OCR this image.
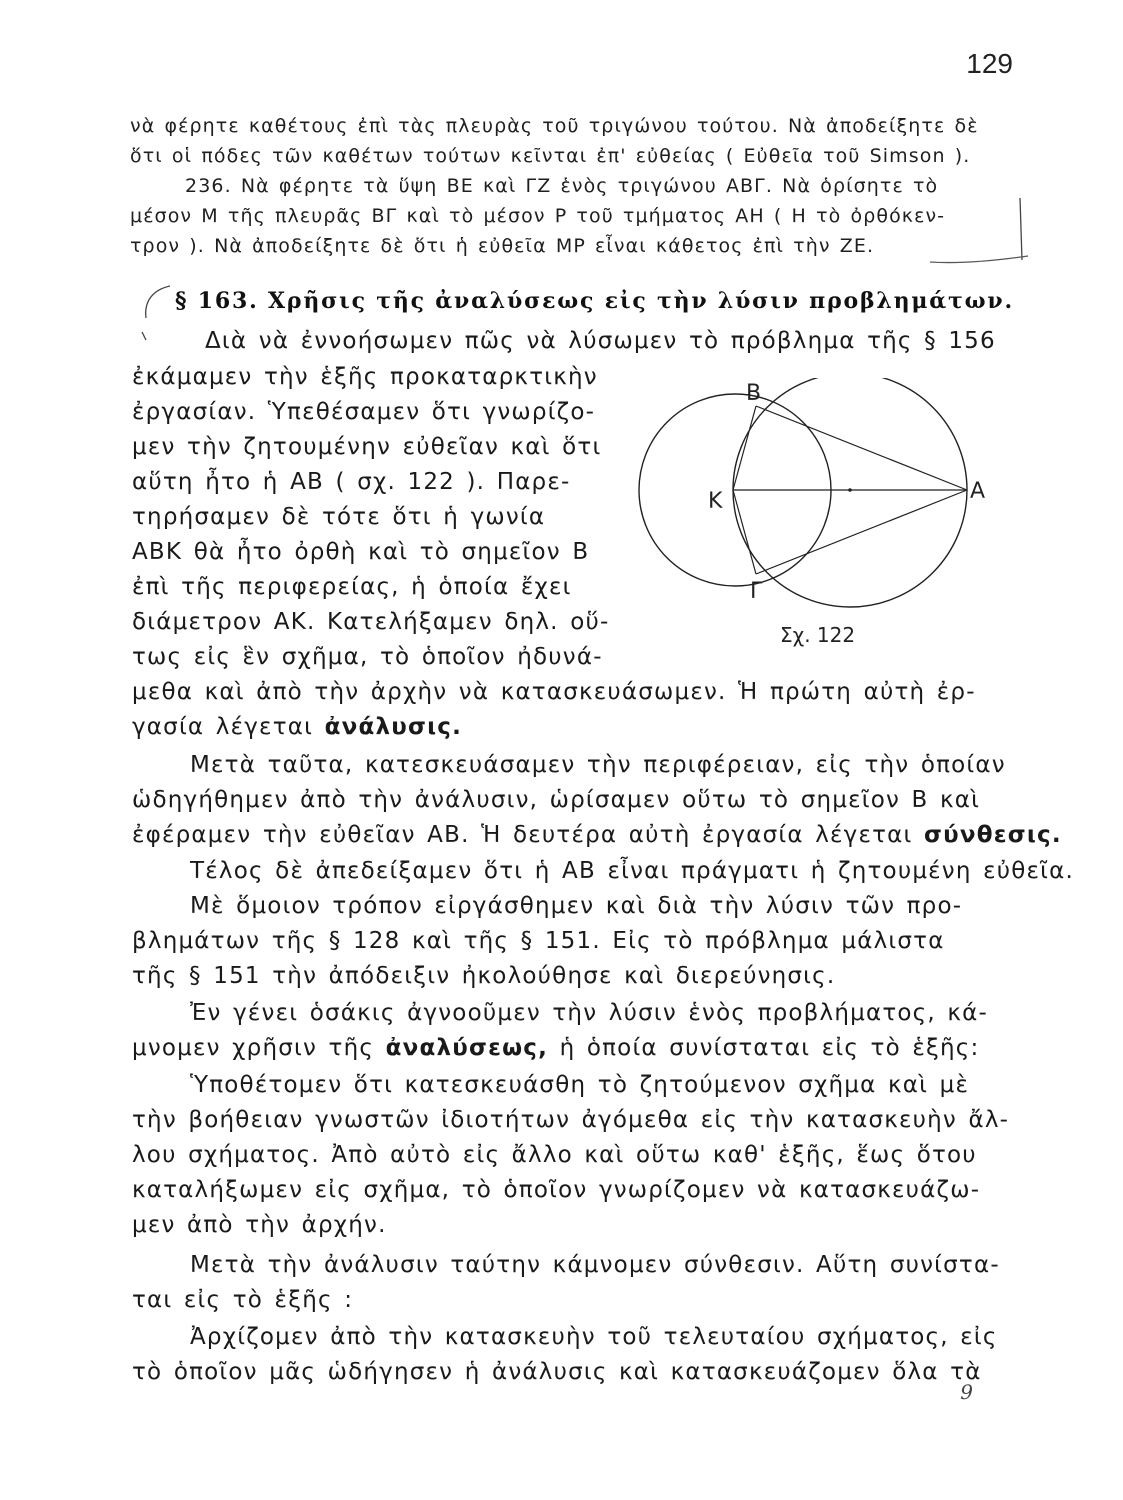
129
νὰ φέρητε καθέτους ἐπὶ τὰς πλευρὰς τοῦ τριγώνου τούτου. Νὰ ἀποδείξητε δὲ
ὅτι οἱ πόδες τῶν καθέτων τούτων κεῖνται ἐπ' εὐθείας ( Εὐθεῖα τοῦ Simson ).
236. Νὰ φέρητε τὰ ὕψη ΒΕ καὶ ΓΖ ἑνὸς τριγώνου ΑΒΓ. Νὰ ὁρίσητε τὸ
μέσον Μ τῆς πλευρᾶς ΒΓ καὶ τὸ μέσον Ρ τοῦ τμήματος ΑΗ ( Η τὸ ὀρθόκεν-
τρον ). Νὰ ἀποδείξητε δὲ ὅτι ἡ εὐθεῖα ΜΡ εἶναι κάθετος ἐπὶ τὴν ΖΕ.
§ 163. Χρῆσις τῆς ἀναλύσεως εἰς τὴν λύσιν προβλημάτων.
Διὰ νὰ ἐννοήσωμεν πῶς νὰ λύσωμεν τὸ πρόβλημα τῆς § 156
ἐκάμαμεν τὴν ἑξῆς προκαταρκτικὴν
ἐργασίαν. Ὑπεθέσαμεν ὅτι γνωρίζο-
μεν τὴν ζητουμένην εὐθεῖαν καὶ ὅτι
αὕτη ἦτο ἡ ΑΒ ( σχ. 122 ). Παρε-
τηρήσαμεν δὲ τότε ὅτι ἡ γωνία
ΑΒΚ θὰ ἦτο ὀρθὴ καὶ τὸ σημεῖον Β
ἐπὶ τῆς περιφερείας, ἡ ὁποία ἔχει
διάμετρον ΑΚ. Κατελήξαμεν δηλ. οὕ-
τως εἰς ἓν σχῆμα, τὸ ὁποῖον ἠδυνά-
μεθα καὶ ἀπὸ τὴν ἀρχὴν νὰ κατασκευάσωμεν. Ἡ πρώτη αὐτὴ ἐρ-
γασία λέγεται ἀνάλυσις.
Μετὰ ταῦτα, κατεσκευάσαμεν τὴν περιφέρειαν, εἰς τὴν ὁποίαν
ὡδηγήθημεν ἀπὸ τὴν ἀνάλυσιν, ὡρίσαμεν οὕτω τὸ σημεῖον Β καὶ
ἐφέραμεν τὴν εὐθεῖαν ΑΒ. Ἡ δευτέρα αὐτὴ ἐργασία λέγεται σύνθεσις.
Τέλος δὲ ἀπεδείξαμεν ὅτι ἡ ΑΒ εἶναι πράγματι ἡ ζητουμένη εὐθεῖα.
Μὲ ὅμοιον τρόπον εἰργάσθημεν καὶ διὰ τὴν λύσιν τῶν προ-
βλημάτων τῆς § 128 καὶ τῆς § 151. Εἰς τὸ πρόβλημα μάλιστα
τῆς § 151 τὴν ἀπόδειξιν ἠκολούθησε καὶ διερεύνησις.
Ἐν γένει ὁσάκις ἀγνοοῦμεν τὴν λύσιν ἑνὸς προβλήματος, κά-
μνομεν χρῆσιν τῆς ἀναλύσεως, ἡ ὁποία συνίσταται εἰς τὸ ἑξῆς:
Ὑποθέτομεν ὅτι κατεσκευάσθη τὸ ζητούμενον σχῆμα καὶ μὲ
τὴν βοήθειαν γνωστῶν ἰδιοτήτων ἀγόμεθα εἰς τὴν κατασκευὴν ἄλ-
λου σχήματος. Ἀπὸ αὐτὸ εἰς ἄλλο καὶ οὕτω καθ' ἑξῆς, ἕως ὅτου
καταλήξωμεν εἰς σχῆμα, τὸ ὁποῖον γνωρίζομεν νὰ κατασκευάζω-
μεν ἀπὸ τὴν ἀρχήν.
Μετὰ τὴν ἀνάλυσιν ταύτην κάμνομεν σύνθεσιν. Αὕτη συνίστα-
ται εἰς τὸ ἑξῆς :
Ἀρχίζομεν ἀπὸ τὴν κατασκευὴν τοῦ τελευταίου σχήματος, εἰς
τὸ ὁποῖον μᾶς ὡδήγησεν ἡ ἀνάλυσις καὶ κατασκευάζομεν ὅλα τὰ
Β
Κ	Α
Γ
Σχ. 122
9
